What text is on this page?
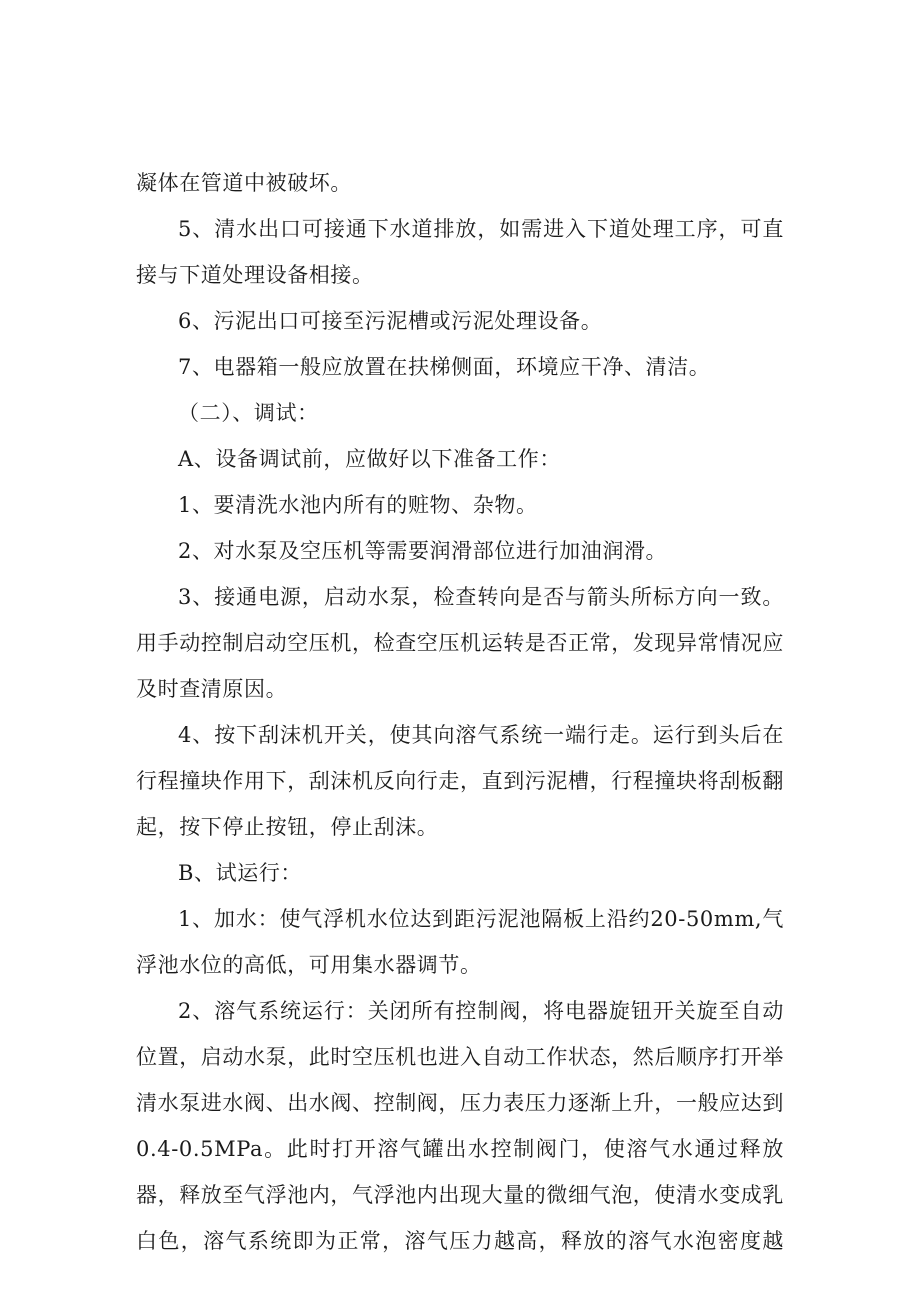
凝体在管道中被破坏。
5、清水出口可接通下水道排放，如需进入下道处理工序，可直
接与下道处理设备相接。
6、污泥出口可接至污泥槽或污泥处理设备。
7、电器箱一般应放置在扶梯侧面，环境应干净、清洁。
（二）、调试：
A、设备调试前，应做好以下准备工作：
1、要清洗水池内所有的赃物、杂物。
2、对水泵及空压机等需要润滑部位进行加油润滑。
3、接通电源，启动水泵，检查转向是否与箭头所标方向一致。
用手动控制启动空压机，检查空压机运转是否正常，发现异常情况应
及时查清原因。
4、按下刮沫机开关，使其向溶气系统一端行走。运行到头后在
行程撞块作用下，刮沫机反向行走，直到污泥槽，行程撞块将刮板翻
起，按下停止按钮，停止刮沫。
B、试运行：
1、加水：使气浮机水位达到距污泥池隔板上沿约20-50mm,气
浮池水位的高低，可用集水器调节。
2、溶气系统运行：关闭所有控制阀，将电器旋钮开关旋至自动
位置，启动水泵，此时空压机也进入自动工作状态，然后顺序打开举
清水泵进水阀、出水阀、控制阀，压力表压力逐渐上升，一般应达到
0.4-0.5MPa。此时打开溶气罐出水控制阀门，使溶气水通过释放
器，释放至气浮池内，气浮池内出现大量的微细气泡，使清水变成乳
白色，溶气系统即为正常，溶气压力越高，释放的溶气水泡密度越
